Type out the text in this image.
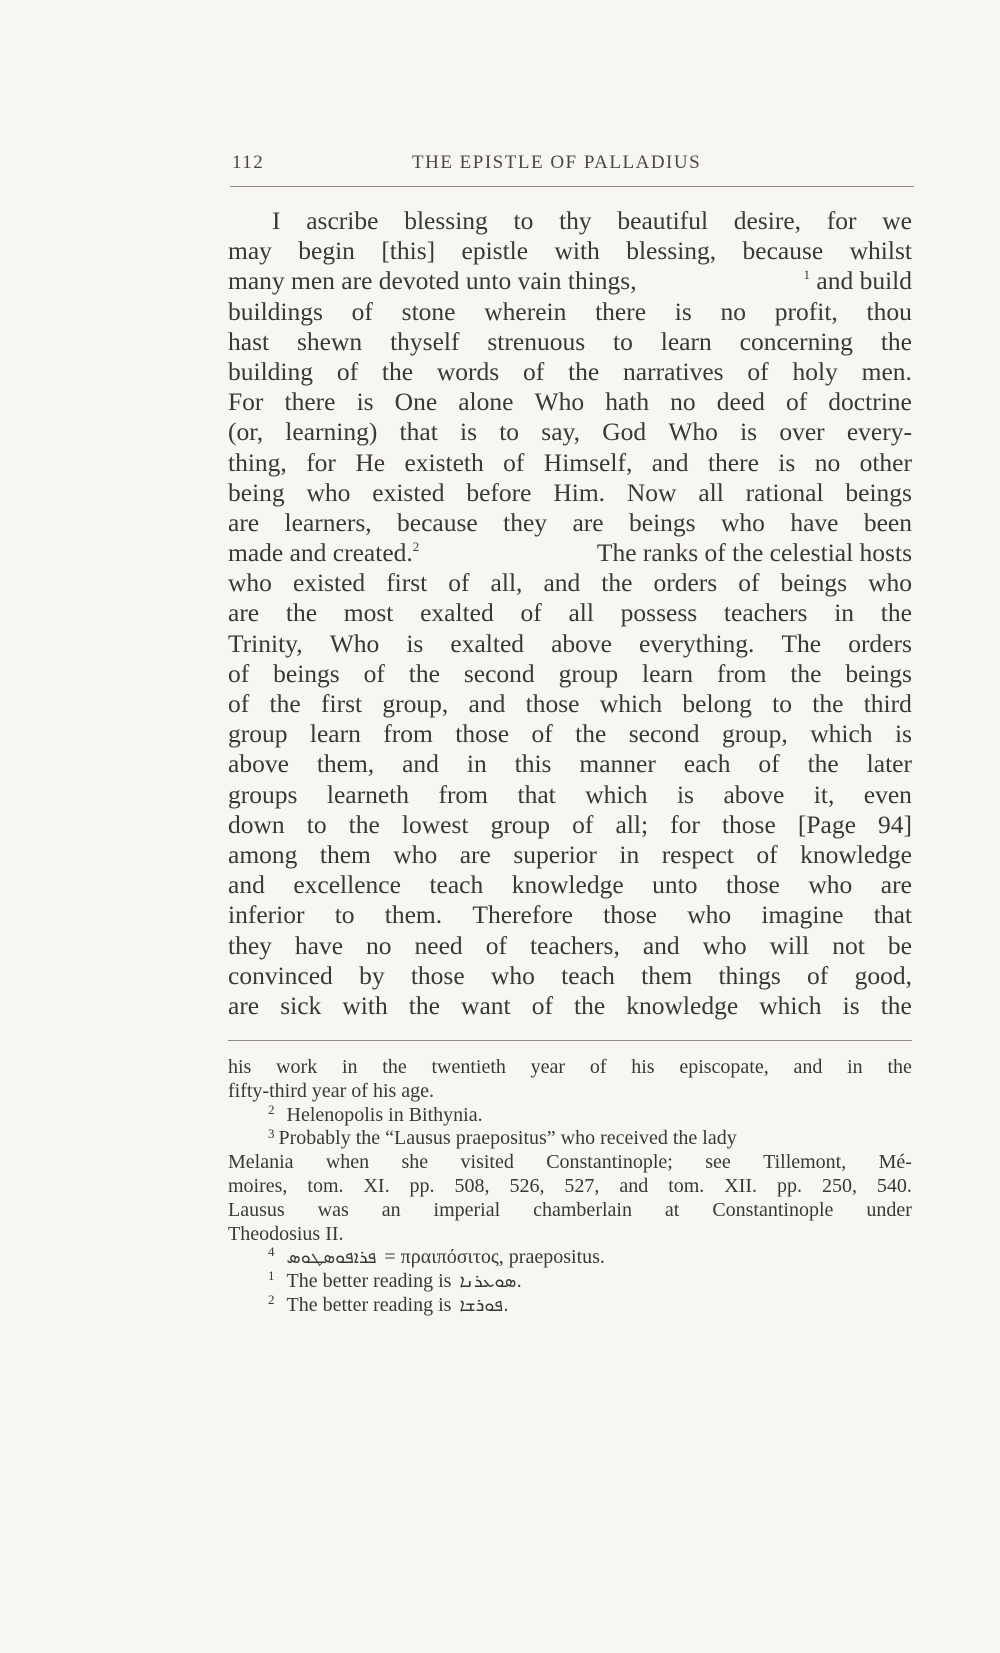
112	THE EPISTLE OF PALLADIUS
I ascribe blessing to thy beautiful desire, for we
may begin [this] epistle with blessing, because whilst
many men are devoted unto vain things,	1 and build
buildings of stone wherein there is no profit, thou
hast shewn thyself strenuous to learn concerning the
building of the words of the narratives of holy men.
For there is One alone Who hath no deed of doctrine
(or, learning) that is to say, God Who is over every-
thing, for He existeth of Himself, and there is no other
being who existed before Him. Now all rational beings
are learners, because they are beings who have been
made and created.2	The ranks of the celestial hosts
who existed first of all, and the orders of beings who
are the most exalted of all possess teachers in the
Trinity, Who is exalted above everything. The orders
of beings of the second group learn from the beings
of the first group, and those which belong to the third
group learn from those of the second group, which is
above them, and in this manner each of the later
groups learneth from that which is above it, even
down to the lowest group of all; for those [Page 94]
among them who are superior in respect of knowledge
and excellence teach knowledge unto those who are
inferior to them. Therefore those who imagine that
they have no need of teachers, and who will not be
convinced by those who teach them things of good,
are sick with the want of the knowledge which is the
his work in the twentieth year of his episcopate, and in the
fifty-third year of his age.
2 Helenopolis in Bithynia.
$^3$ Probably the “Lausus praepositus” who received the lady
Melania when she visited Constantinople; see Tillemont, Mé-
moires, tom. XI. pp. 508, 526, 527, and tom. XII. pp. 250, 540.
Lausus was an imperial chamberlain at Constantinople under
Theodosius II.
4 ܦܪܐܦܘܣܛܘܣ = πραιπόσιτος, praepositus.
1 The better reading is ܣܘܥܪܢܐ.
2 The better reading is ܦܘܪܫܐ.
